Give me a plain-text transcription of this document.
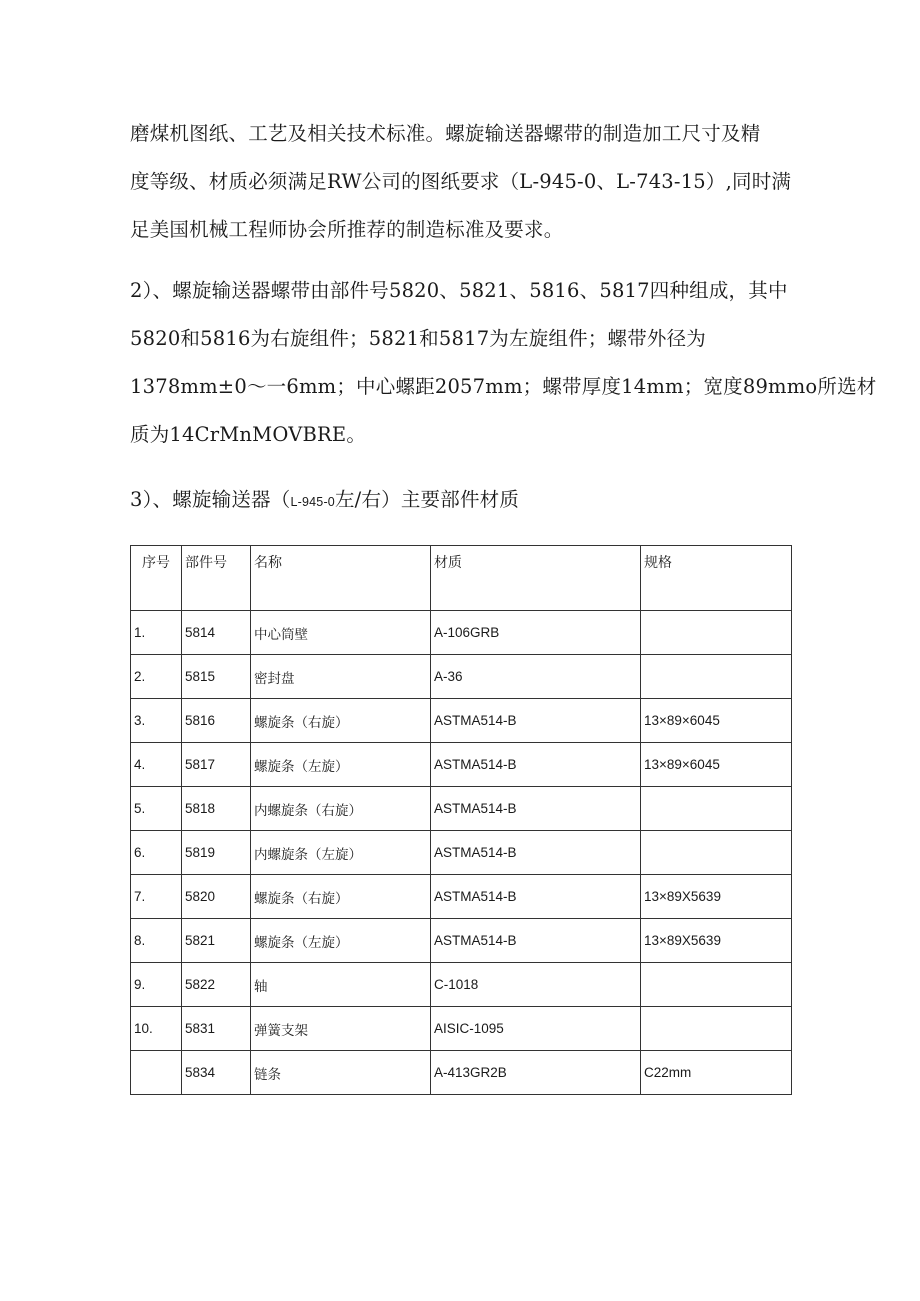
磨煤机图纸、工艺及相关技术标准。螺旋输送器螺带的制造加工尺寸及精
度等级、材质必须满足RW公司的图纸要求（L-945-0、L-743-15）,同时满
足美国机械工程师协会所推荐的制造标准及要求。

2）、螺旋输送器螺带由部件号5820、5821、5816、5817四种组成，其中
5820和5816为右旋组件；5821和5817为左旋组件；螺带外径为
1378mm±0～一6mm；中心螺距2057mm；螺带厚度14mm；宽度89mmo所选材
质为14CrMnMOVBRE。

3）、螺旋输送器（L-945-0左/右）主要部件材质

序号	部件号	名称	材质	规格
1.	5814	中心筒壁	A-106GRB	
2.	5815	密封盘	A-36	
3.	5816	螺旋条（右旋）	ASTMA514-B	13×89×6045
4.	5817	螺旋条（左旋）	ASTMA514-B	13×89×6045
5.	5818	内螺旋条（右旋）	ASTMA514-B	
6.	5819	内螺旋条（左旋）	ASTMA514-B	
7.	5820	螺旋条（右旋）	ASTMA514-B	13×89X5639
8.	5821	螺旋条（左旋）	ASTMA514-B	13×89X5639
9.	5822	轴	C-1018	
10.	5831	弹簧支架	AISIC-1095	
	5834	链条	A-413GR2B	C22mm
